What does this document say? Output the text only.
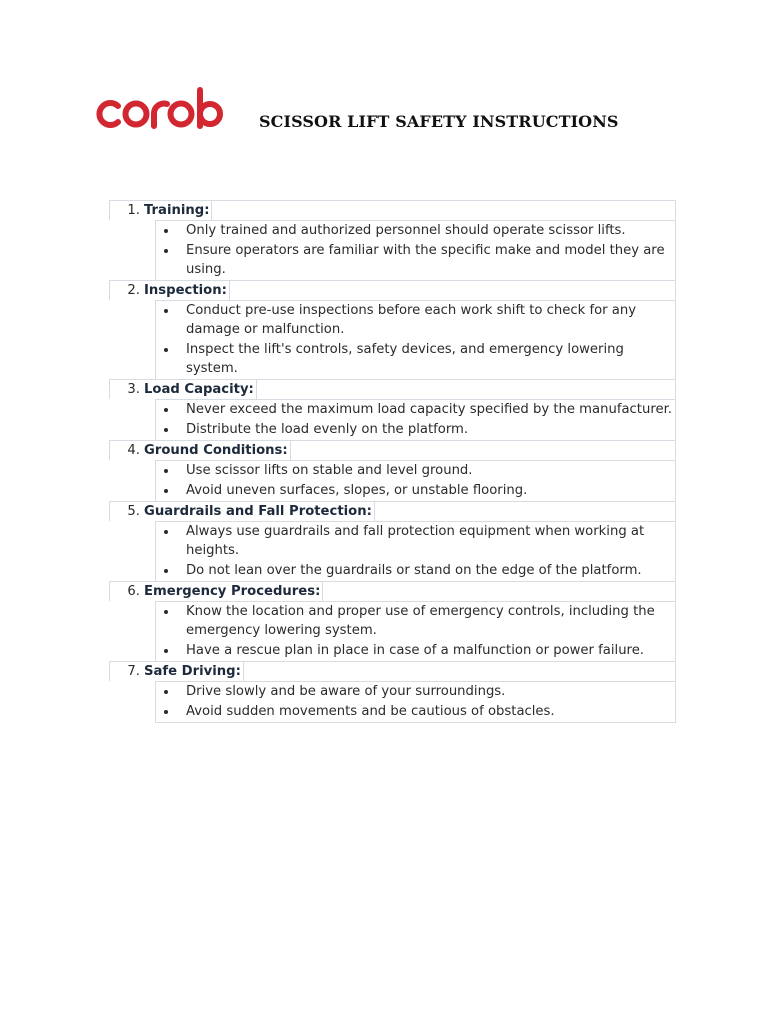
SCISSOR LIFT SAFETY INSTRUCTIONS
1. Training:
Only trained and authorized personnel should operate scissor lifts.
Ensure operators are familiar with the specific make and model they are using.
2. Inspection:
Conduct pre-use inspections before each work shift to check for any damage or malfunction.
Inspect the lift's controls, safety devices, and emergency lowering system.
3. Load Capacity:
Never exceed the maximum load capacity specified by the manufacturer.
Distribute the load evenly on the platform.
4. Ground Conditions:
Use scissor lifts on stable and level ground.
Avoid uneven surfaces, slopes, or unstable flooring.
5. Guardrails and Fall Protection:
Always use guardrails and fall protection equipment when working at heights.
Do not lean over the guardrails or stand on the edge of the platform.
6. Emergency Procedures:
Know the location and proper use of emergency controls, including the emergency lowering system.
Have a rescue plan in place in case of a malfunction or power failure.
7. Safe Driving:
Drive slowly and be aware of your surroundings.
Avoid sudden movements and be cautious of obstacles.
